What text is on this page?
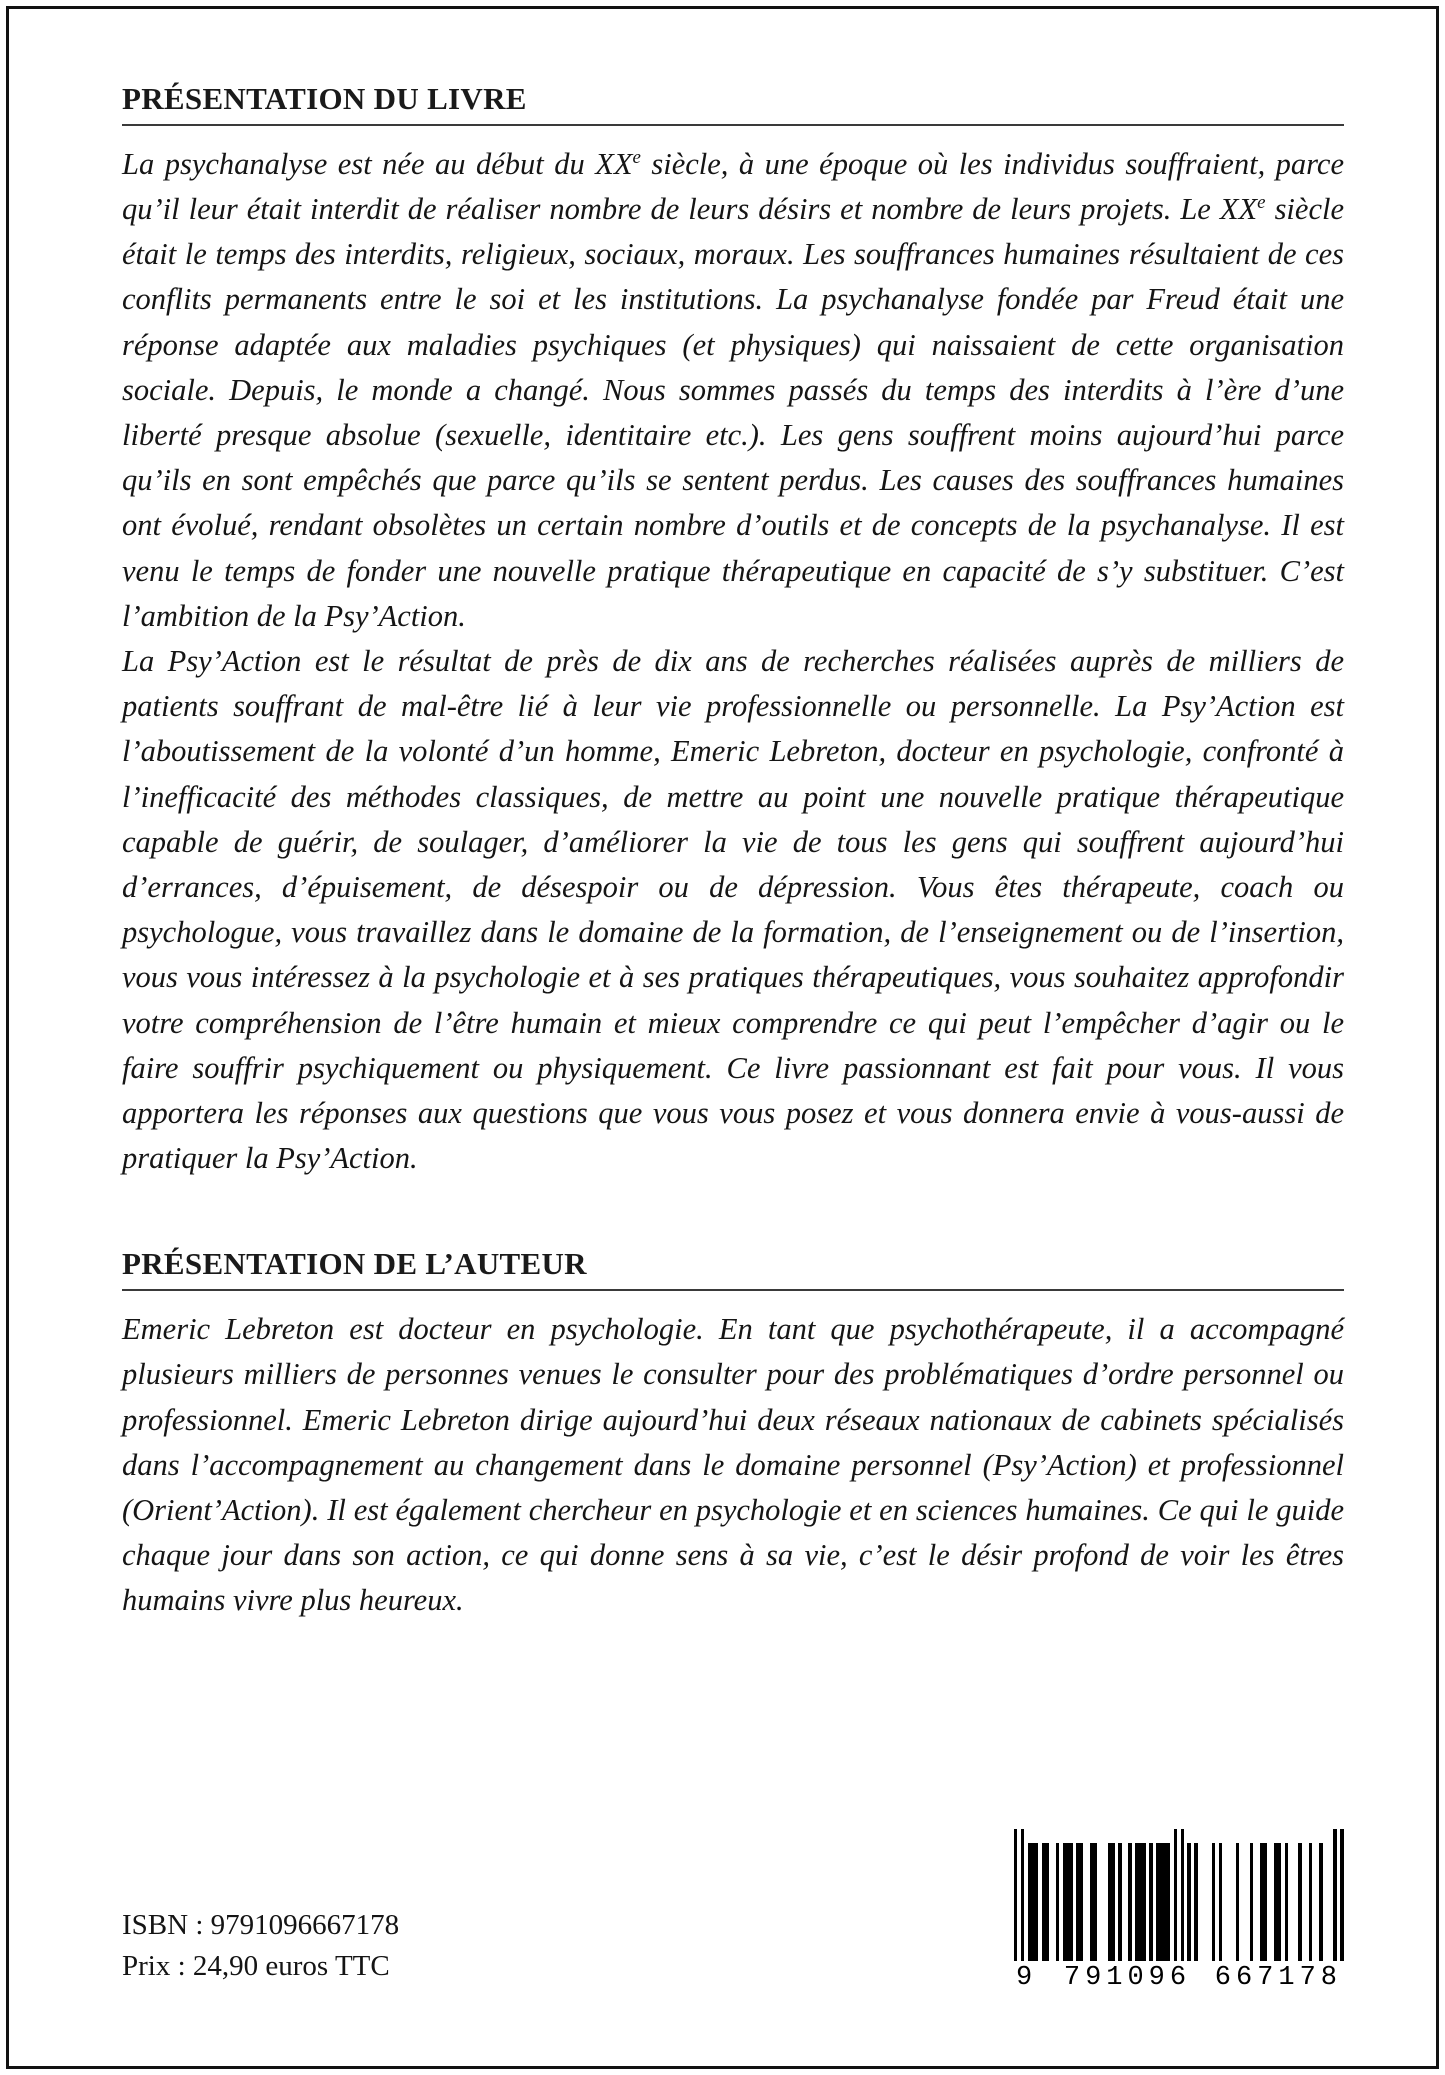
PRÉSENTATION DU LIVRE

La psychanalyse est née au début du XXe siècle, à une époque où les individus souffraient, parce qu’il leur était interdit de réaliser nombre de leurs désirs et nombre de leurs projets. Le XXe siècle était le temps des interdits, religieux, sociaux, moraux. Les souffrances humaines résultaient de ces conflits permanents entre le soi et les institutions. La psychanalyse fondée par Freud était une réponse adaptée aux maladies psychiques (et physiques) qui naissaient de cette organisation sociale. Depuis, le monde a changé. Nous sommes passés du temps des interdits à l’ère d’une liberté presque absolue (sexuelle, identitaire etc.). Les gens souffrent moins aujourd’hui parce qu’ils en sont empêchés que parce qu’ils se sentent perdus. Les causes des souffrances humaines ont évolué, rendant obsolètes un certain nombre d’outils et de concepts de la psychanalyse. Il est venu le temps de fonder une nouvelle pratique thérapeutique en capacité de s’y substituer. C’est l’ambition de la Psy’Action.

La Psy’Action est le résultat de près de dix ans de recherches réalisées auprès de milliers de patients souffrant de mal-être lié à leur vie professionnelle ou personnelle. La Psy’Action est l’aboutissement de la volonté d’un homme, Emeric Lebreton, docteur en psychologie, confronté à l’inefficacité des méthodes classiques, de mettre au point une nouvelle pratique thérapeutique capable de guérir, de soulager, d’améliorer la vie de tous les gens qui souffrent aujourd’hui d’errances, d’épuisement, de désespoir ou de dépression. Vous êtes thérapeute, coach ou psychologue, vous travaillez dans le domaine de la formation, de l’enseignement ou de l’insertion, vous vous intéressez à la psychologie et à ses pratiques thérapeutiques, vous souhaitez approfondir votre compréhension de l’être humain et mieux comprendre ce qui peut l’empêcher d’agir ou le faire souffrir psychiquement ou physiquement. Ce livre passionnant est fait pour vous. Il vous apportera les réponses aux questions que vous vous posez et vous donnera envie à vous-aussi de pratiquer la Psy’Action.

PRÉSENTATION DE L’AUTEUR

Emeric Lebreton est docteur en psychologie. En tant que psychothérapeute, il a accompagné plusieurs milliers de personnes venues le consulter pour des problématiques d’ordre personnel ou professionnel. Emeric Lebreton dirige aujourd’hui deux réseaux nationaux de cabinets spécialisés dans l’accompagnement au changement dans le domaine personnel (Psy’Action) et professionnel (Orient’Action). Il est également chercheur en psychologie et en sciences humaines. Ce qui le guide chaque jour dans son action, ce qui donne sens à sa vie, c’est le désir profond de voir les êtres humains vivre plus heureux.

ISBN : 9791096667178
Prix : 24,90 euros TTC	9 791096 667178
